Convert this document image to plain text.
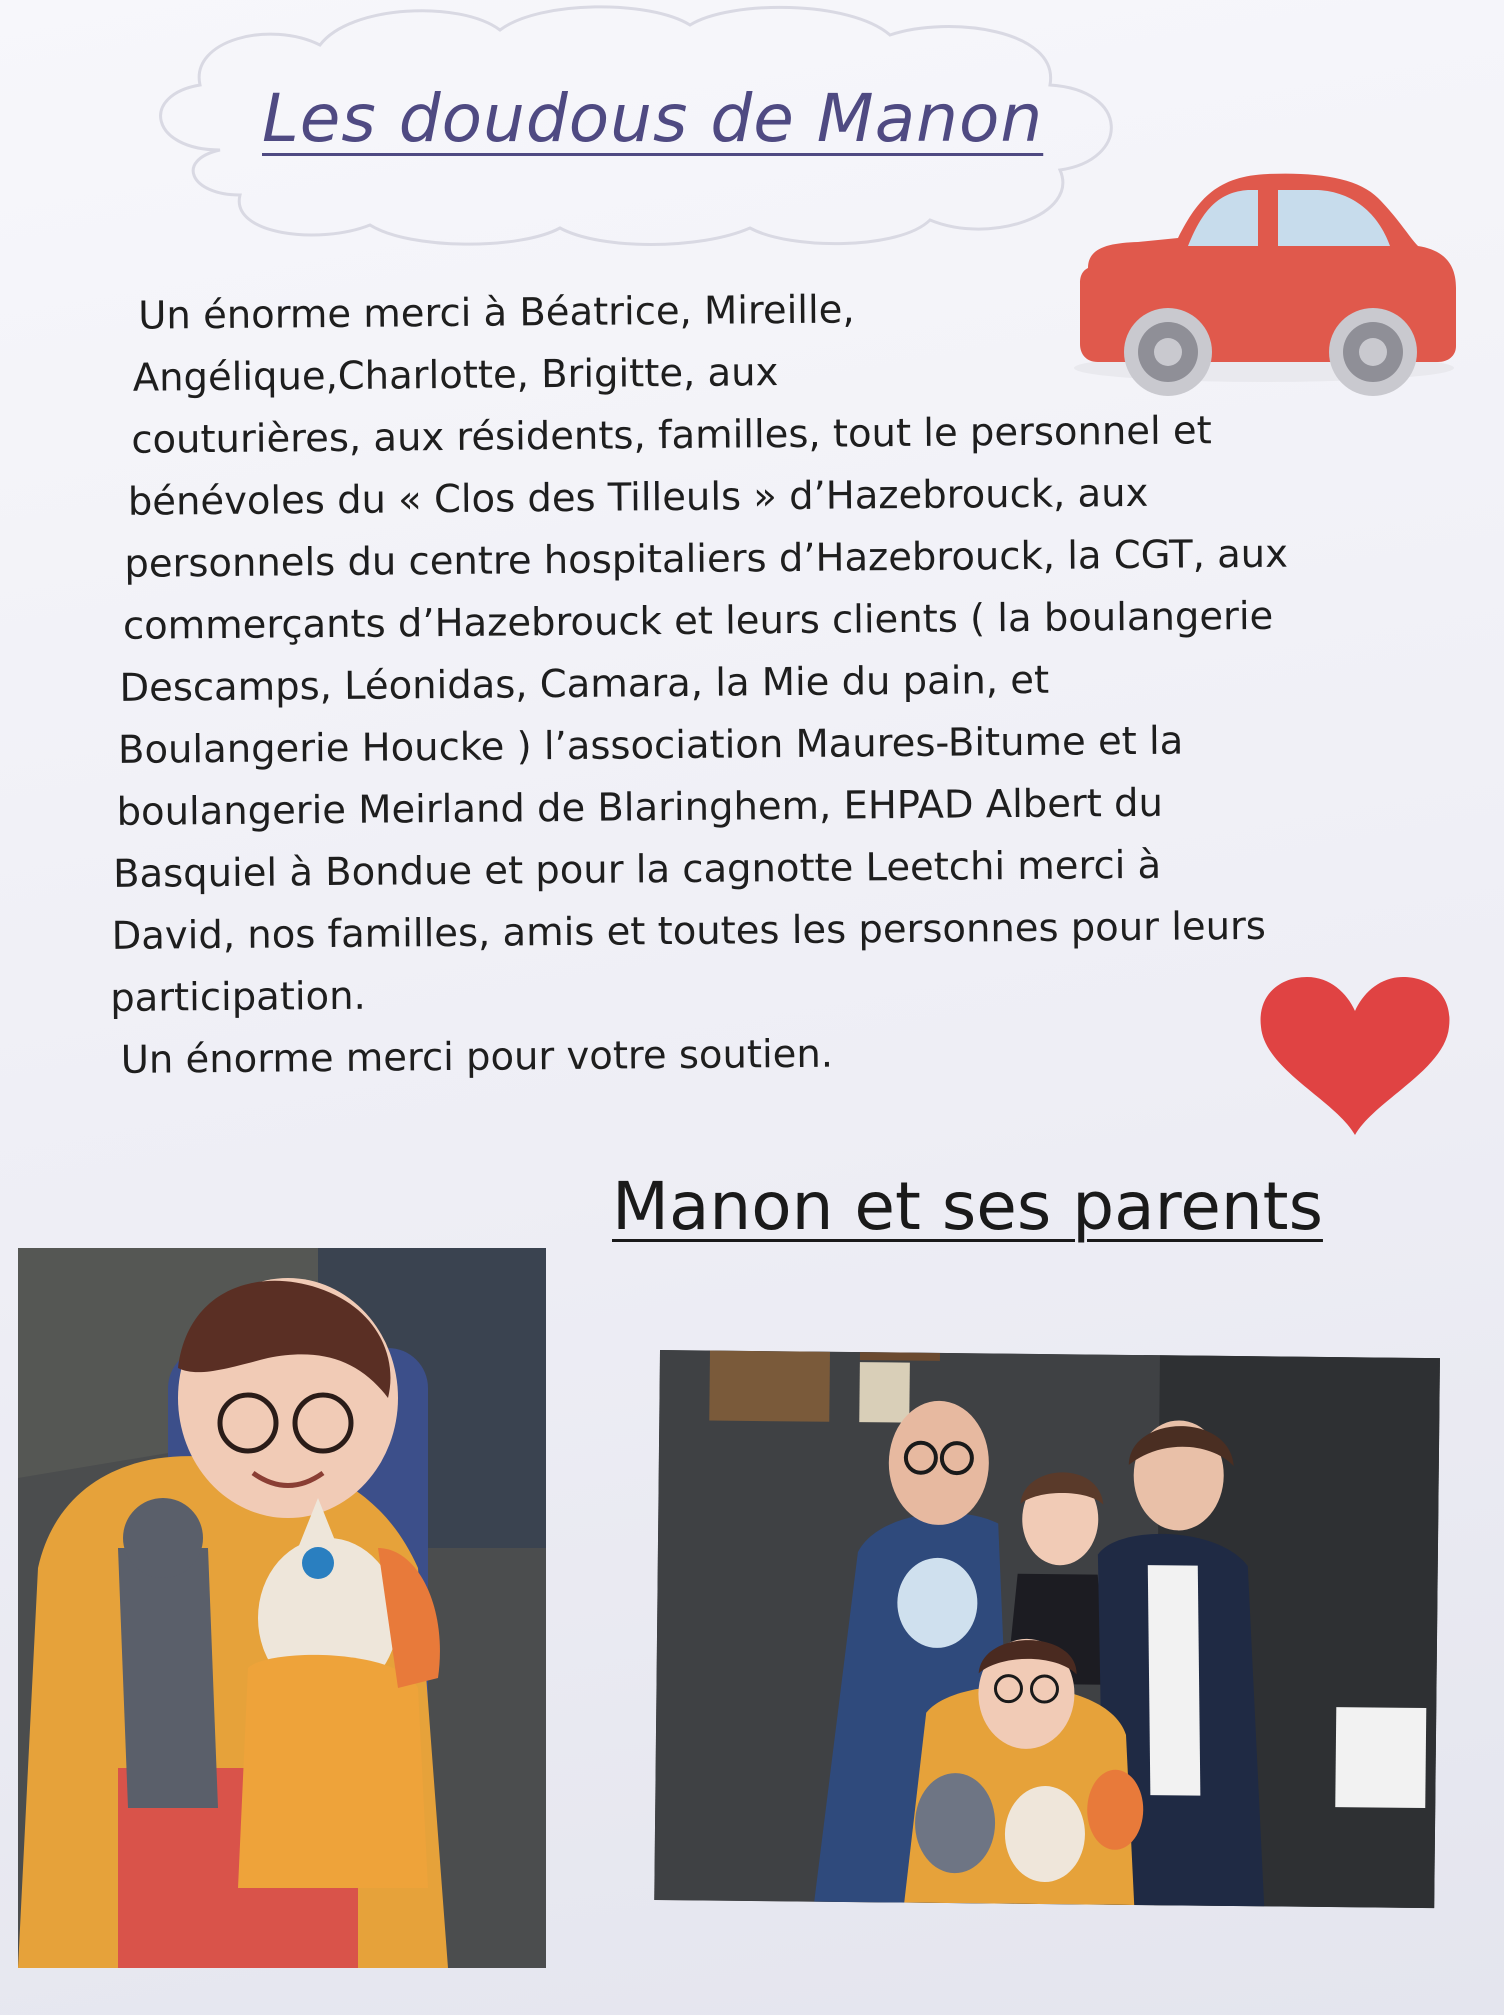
Les doudous de Manon
Un énorme merci à Béatrice, Mireille,
Angélique,Charlotte, Brigitte, aux
couturières, aux résidents, familles, tout le personnel et
bénévoles du « Clos des Tilleuls » d’Hazebrouck, aux
personnels du centre hospitaliers d’Hazebrouck, la CGT, aux
commerçants d’Hazebrouck et leurs clients ( la boulangerie
Descamps, Léonidas, Camara, la Mie du pain, et
Boulangerie Houcke ) l’association Maures-Bitume et la
boulangerie Meirland de Blaringhem, EHPAD Albert du
Basquiel à Bondue et pour la cagnotte Leetchi merci à
David, nos familles, amis et toutes les personnes pour leurs
participation.
Un énorme merci pour votre soutien.
Manon et ses parents
